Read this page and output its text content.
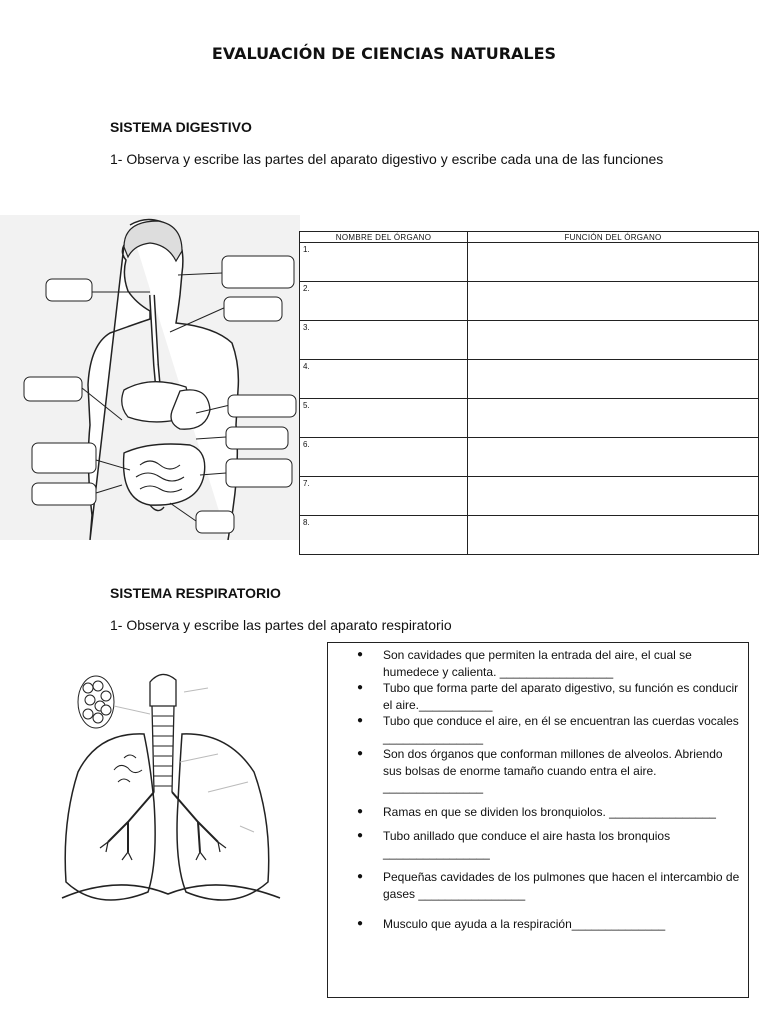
EVALUACIÓN DE CIENCIAS NATURALES
SISTEMA DIGESTIVO
1- Observa y escribe las partes del aparato digestivo y escribe cada una de las funciones
NOMBRE DEL ÓRGANO	FUNCIÓN DEL ÓRGANO
1.	
2.	
3.	
4.	
5.	
6.	
7.	
8.	
SISTEMA RESPIRATORIO
1- Observa y escribe las partes del aparato respiratorio
● Son cavidades que permiten la entrada del aire, el cual se humedece y calienta. _________________
● Tubo que forma parte del aparato digestivo, su función es conducir el aire.___________
● Tubo que conduce el aire, en él se encuentran las cuerdas vocales _______________
● Son dos órganos que conforman millones de alveolos. Abriendo sus bolsas de enorme tamaño cuando entra el aire. _______________
● Ramas en que se dividen los bronquiolos. ________________
● Tubo anillado que conduce el aire hasta los bronquios ________________
● Pequeñas cavidades de los pulmones que hacen el intercambio de gases ________________
● Musculo que ayuda a la respiración______________
